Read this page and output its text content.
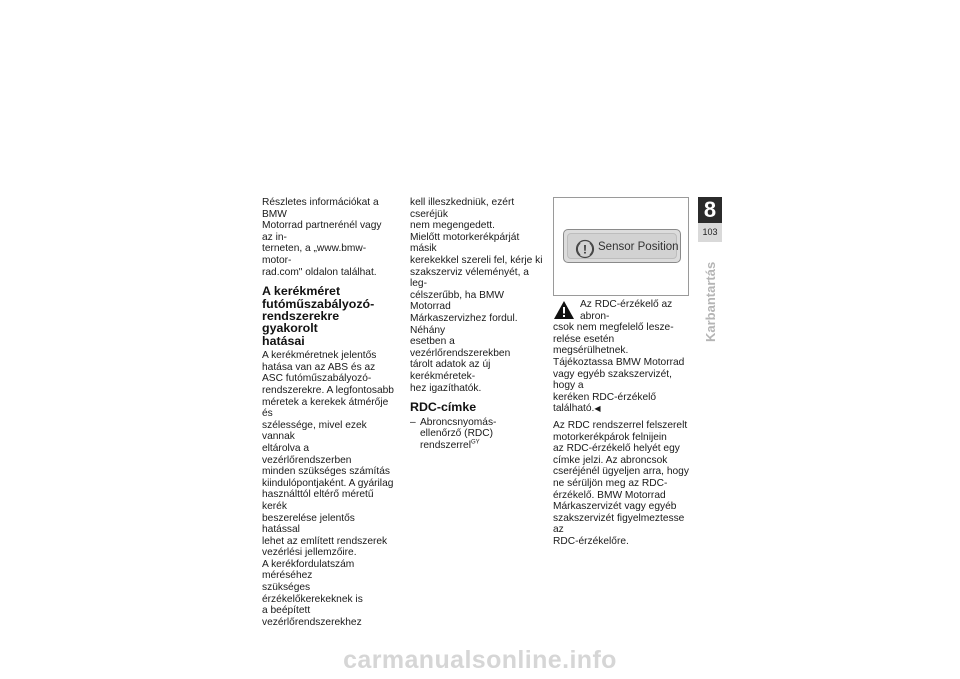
Részletes információkat a BMW
Motorrad partnerénél vagy az in-
terneten, a „www.bmw-motor-
rad.com" oldalon találhat.

A kerékméret
futóműszabályozó-
rendszerekre gyakorolt
hatásai

A kerékméretnek jelentős
hatása van az ABS és az
ASC futóműszabályozó-
rendszerekre. A legfontosabb
méretek a kerekek átmérője és
szélessége, mivel ezek vannak
eltárolva a vezérlőrendszerben
minden szükséges számítás
kiindulópontjaként. A gyárilag
használttól eltérő méretű kerék
beszerelése jelentős hatással
lehet az említett rendszerek
vezérlési jellemzőire.
A kerékfordulatszám méréséhez
szükséges érzékelőkerekeknek is
a beépített vezérlőrendszerekhez

kell illeszkedniük, ezért cseréjük
nem megengedett.
Mielőtt motorkerékpárját másik
kerekekkel szereli fel, kérje ki
szakszerviz véleményét, a leg-
célszerűbb, ha BMW Motorrad
Márkaszervizhez fordul. Néhány
esetben a vezérlőrendszerekben
tárolt adatok az új kerékméretek-
hez igazíthatók.

RDC-címke
– Abroncsnyomás-
ellenőrző (RDC) rendszerrel$^{GY}$
! Sensor Position

Az RDC-érzékelő az abron-
csok nem megfelelő lesze-
relése esetén megsérülhetnek.
Tájékoztassa BMW Motorrad
vagy egyéb szakszervizét, hogy a
keréken RDC-érzékelő található.◀

Az RDC rendszerrel felszerelt
motorkerékpárok felnijein
az RDC-érzékelő helyét egy
címke jelzi. Az abroncsok
cseréjénél ügyeljen arra, hogy
ne sérüljön meg az RDC-
érzékelő. BMW Motorrad
Márkaszervizét vagy egyéb
szakszervizét figyelmeztesse az
RDC-érzékelőre.

8
103
Karbantartás
carmanualsonline.info
